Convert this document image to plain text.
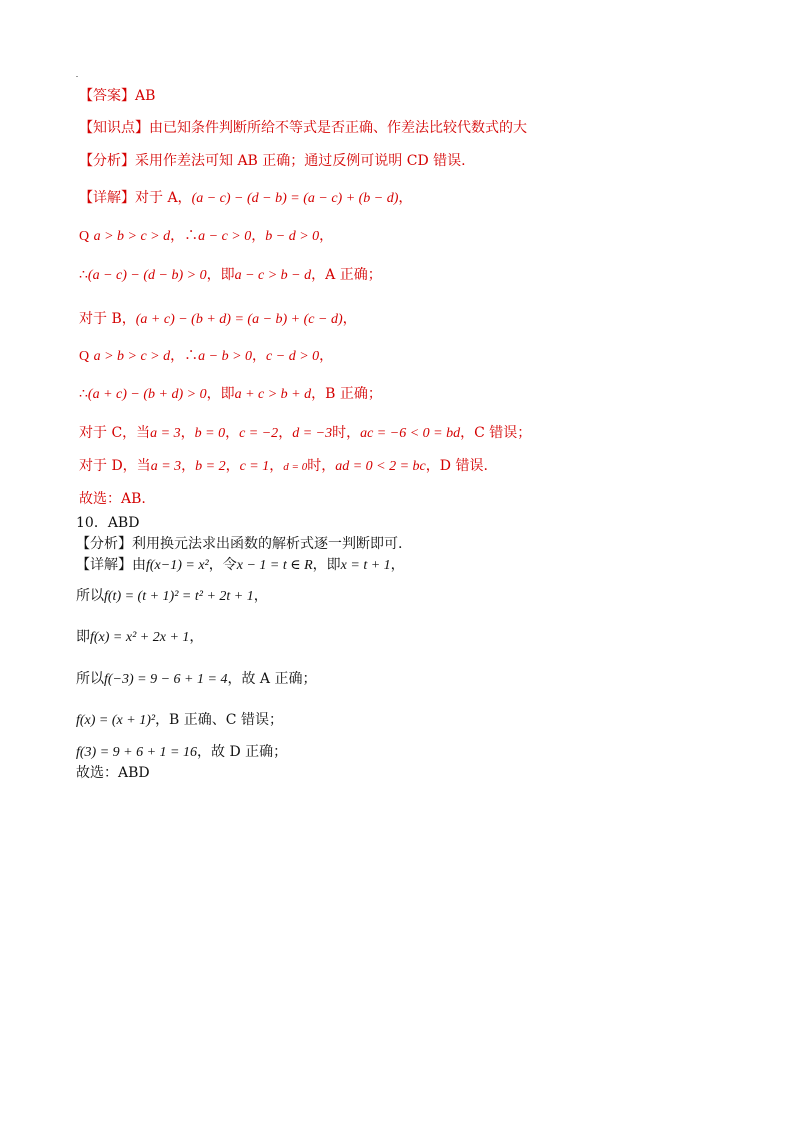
【答案】AB
【知识点】由已知条件判断所给不等式是否正确、作差法比较代数式的大
【分析】采用作差法可知 AB 正确；通过反例可说明 CD 错误.
【详解】对于 A，(a − c) − (d − b) = (a − c) + (b − d)，
Q a > b > c > d，∴a − c > 0，b − d > 0，
∴(a − c) − (d − b) > 0，即a − c > b − d，A 正确；
对于 B，(a + c) − (b + d) = (a − b) + (c − d)，
Q a > b > c > d，∴a − b > 0，c − d > 0，
∴(a + c) − (b + d) > 0，即a + c > b + d，B 正确；
对于 C，当a = 3，b = 0，c = −2，d = −3时，ac = −6 < 0 = bd，C 错误；
对于 D，当a = 3，b = 2，c = 1，d = 0时，ad = 0 < 2 = bc，D 错误.
故选：AB.
10．ABD
【分析】利用换元法求出函数的解析式逐一判断即可.
【详解】由f(x−1) = x²，令x − 1 = t ∈ R，即x = t + 1，
所以f(t) = (t + 1)² = t² + 2t + 1，
即f(x) = x² + 2x + 1，
所以f(−3) = 9 − 6 + 1 = 4，故 A 正确；
f(x) = (x + 1)²，B 正确、C 错误；
f(3) = 9 + 6 + 1 = 16，故 D 正确；
故选：ABD
